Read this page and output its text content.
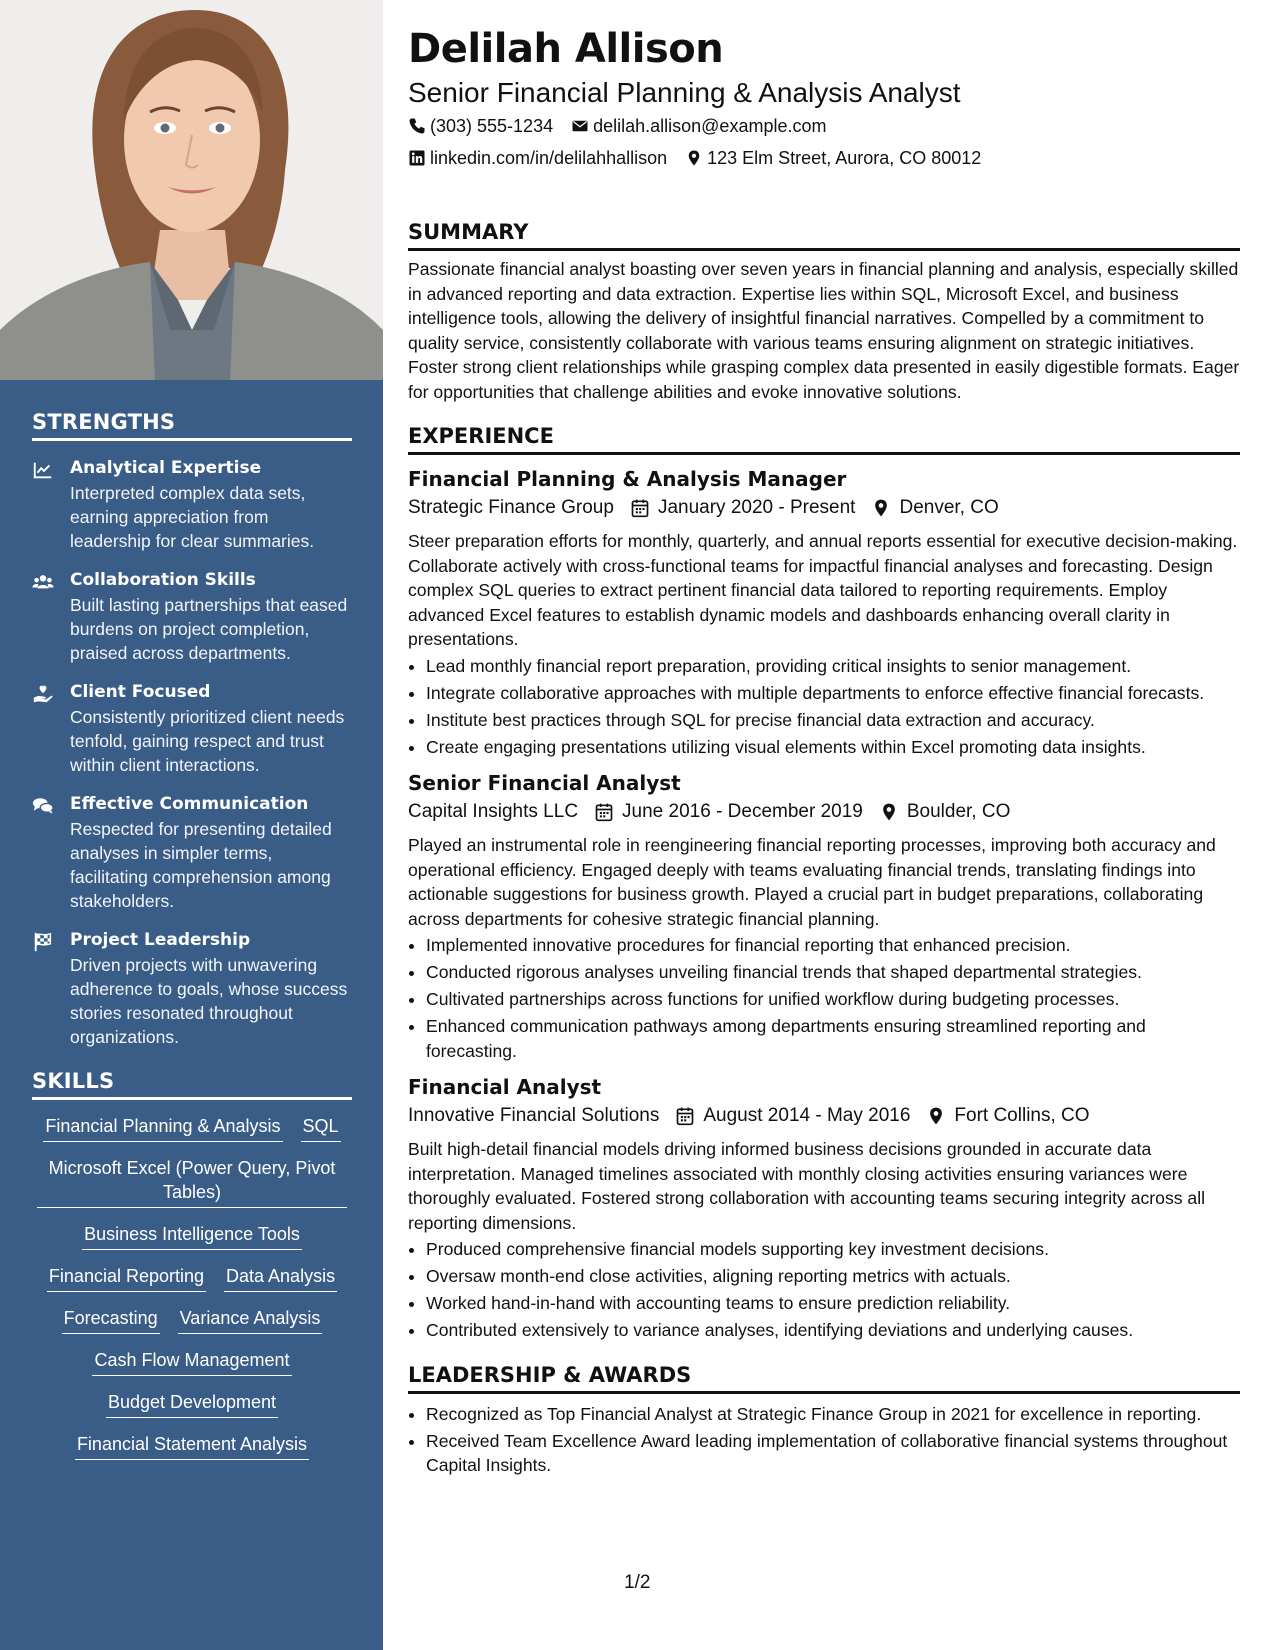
STRENGTHS
Analytical Expertise
Interpreted complex data sets, earning appreciation from leadership for clear summaries.
Collaboration Skills
Built lasting partnerships that eased burdens on project completion, praised across departments.
Client Focused
Consistently prioritized client needs tenfold, gaining respect and trust within client interactions.
Effective Communication
Respected for presenting detailed analyses in simpler terms, facilitating comprehension among stakeholders.
Project Leadership
Driven projects with unwavering adherence to goals, whose success stories resonated throughout organizations.
SKILLS
Financial Planning & Analysis SQL
Microsoft Excel (Power Query, Pivot Tables)
Business Intelligence Tools
Financial Reporting Data Analysis
Forecasting Variance Analysis
Cash Flow Management
Budget Development
Financial Statement Analysis
Delilah Allison
Senior Financial Planning & Analysis Analyst
(303) 555-1234 delilah.allison@example.com
linkedin.com/in/delilahhallison 123 Elm Street, Aurora, CO 80012
SUMMARY
Passionate financial analyst boasting over seven years in financial planning and analysis, especially skilled in advanced reporting and data extraction. Expertise lies within SQL, Microsoft Excel, and business intelligence tools, allowing the delivery of insightful financial narratives. Compelled by a commitment to quality service, consistently collaborate with various teams ensuring alignment on strategic initiatives. Foster strong client relationships while grasping complex data presented in easily digestible formats. Eager for opportunities that challenge abilities and evoke innovative solutions.
EXPERIENCE
Financial Planning & Analysis Manager
Strategic Finance Group January 2020 - Present Denver, CO
Steer preparation efforts for monthly, quarterly, and annual reports essential for executive decision-making. Collaborate actively with cross-functional teams for impactful financial analyses and forecasting. Design complex SQL queries to extract pertinent financial data tailored to reporting requirements. Employ advanced Excel features to establish dynamic models and dashboards enhancing overall clarity in presentations.
• Lead monthly financial report preparation, providing critical insights to senior management.
• Integrate collaborative approaches with multiple departments to enforce effective financial forecasts.
• Institute best practices through SQL for precise financial data extraction and accuracy.
• Create engaging presentations utilizing visual elements within Excel promoting data insights.
Senior Financial Analyst
Capital Insights LLC June 2016 - December 2019 Boulder, CO
Played an instrumental role in reengineering financial reporting processes, improving both accuracy and operational efficiency. Engaged deeply with teams evaluating financial trends, translating findings into actionable suggestions for business growth. Played a crucial part in budget preparations, collaborating across departments for cohesive strategic financial planning.
• Implemented innovative procedures for financial reporting that enhanced precision.
• Conducted rigorous analyses unveiling financial trends that shaped departmental strategies.
• Cultivated partnerships across functions for unified workflow during budgeting processes.
• Enhanced communication pathways among departments ensuring streamlined reporting and forecasting.
Financial Analyst
Innovative Financial Solutions August 2014 - May 2016 Fort Collins, CO
Built high-detail financial models driving informed business decisions grounded in accurate data interpretation. Managed timelines associated with monthly closing activities ensuring variances were thoroughly evaluated. Fostered strong collaboration with accounting teams securing integrity across all reporting dimensions.
• Produced comprehensive financial models supporting key investment decisions.
• Oversaw month-end close activities, aligning reporting metrics with actuals.
• Worked hand-in-hand with accounting teams to ensure prediction reliability.
• Contributed extensively to variance analyses, identifying deviations and underlying causes.
LEADERSHIP & AWARDS
• Recognized as Top Financial Analyst at Strategic Finance Group in 2021 for excellence in reporting.
• Received Team Excellence Award leading implementation of collaborative financial systems throughout Capital Insights.
1/2
